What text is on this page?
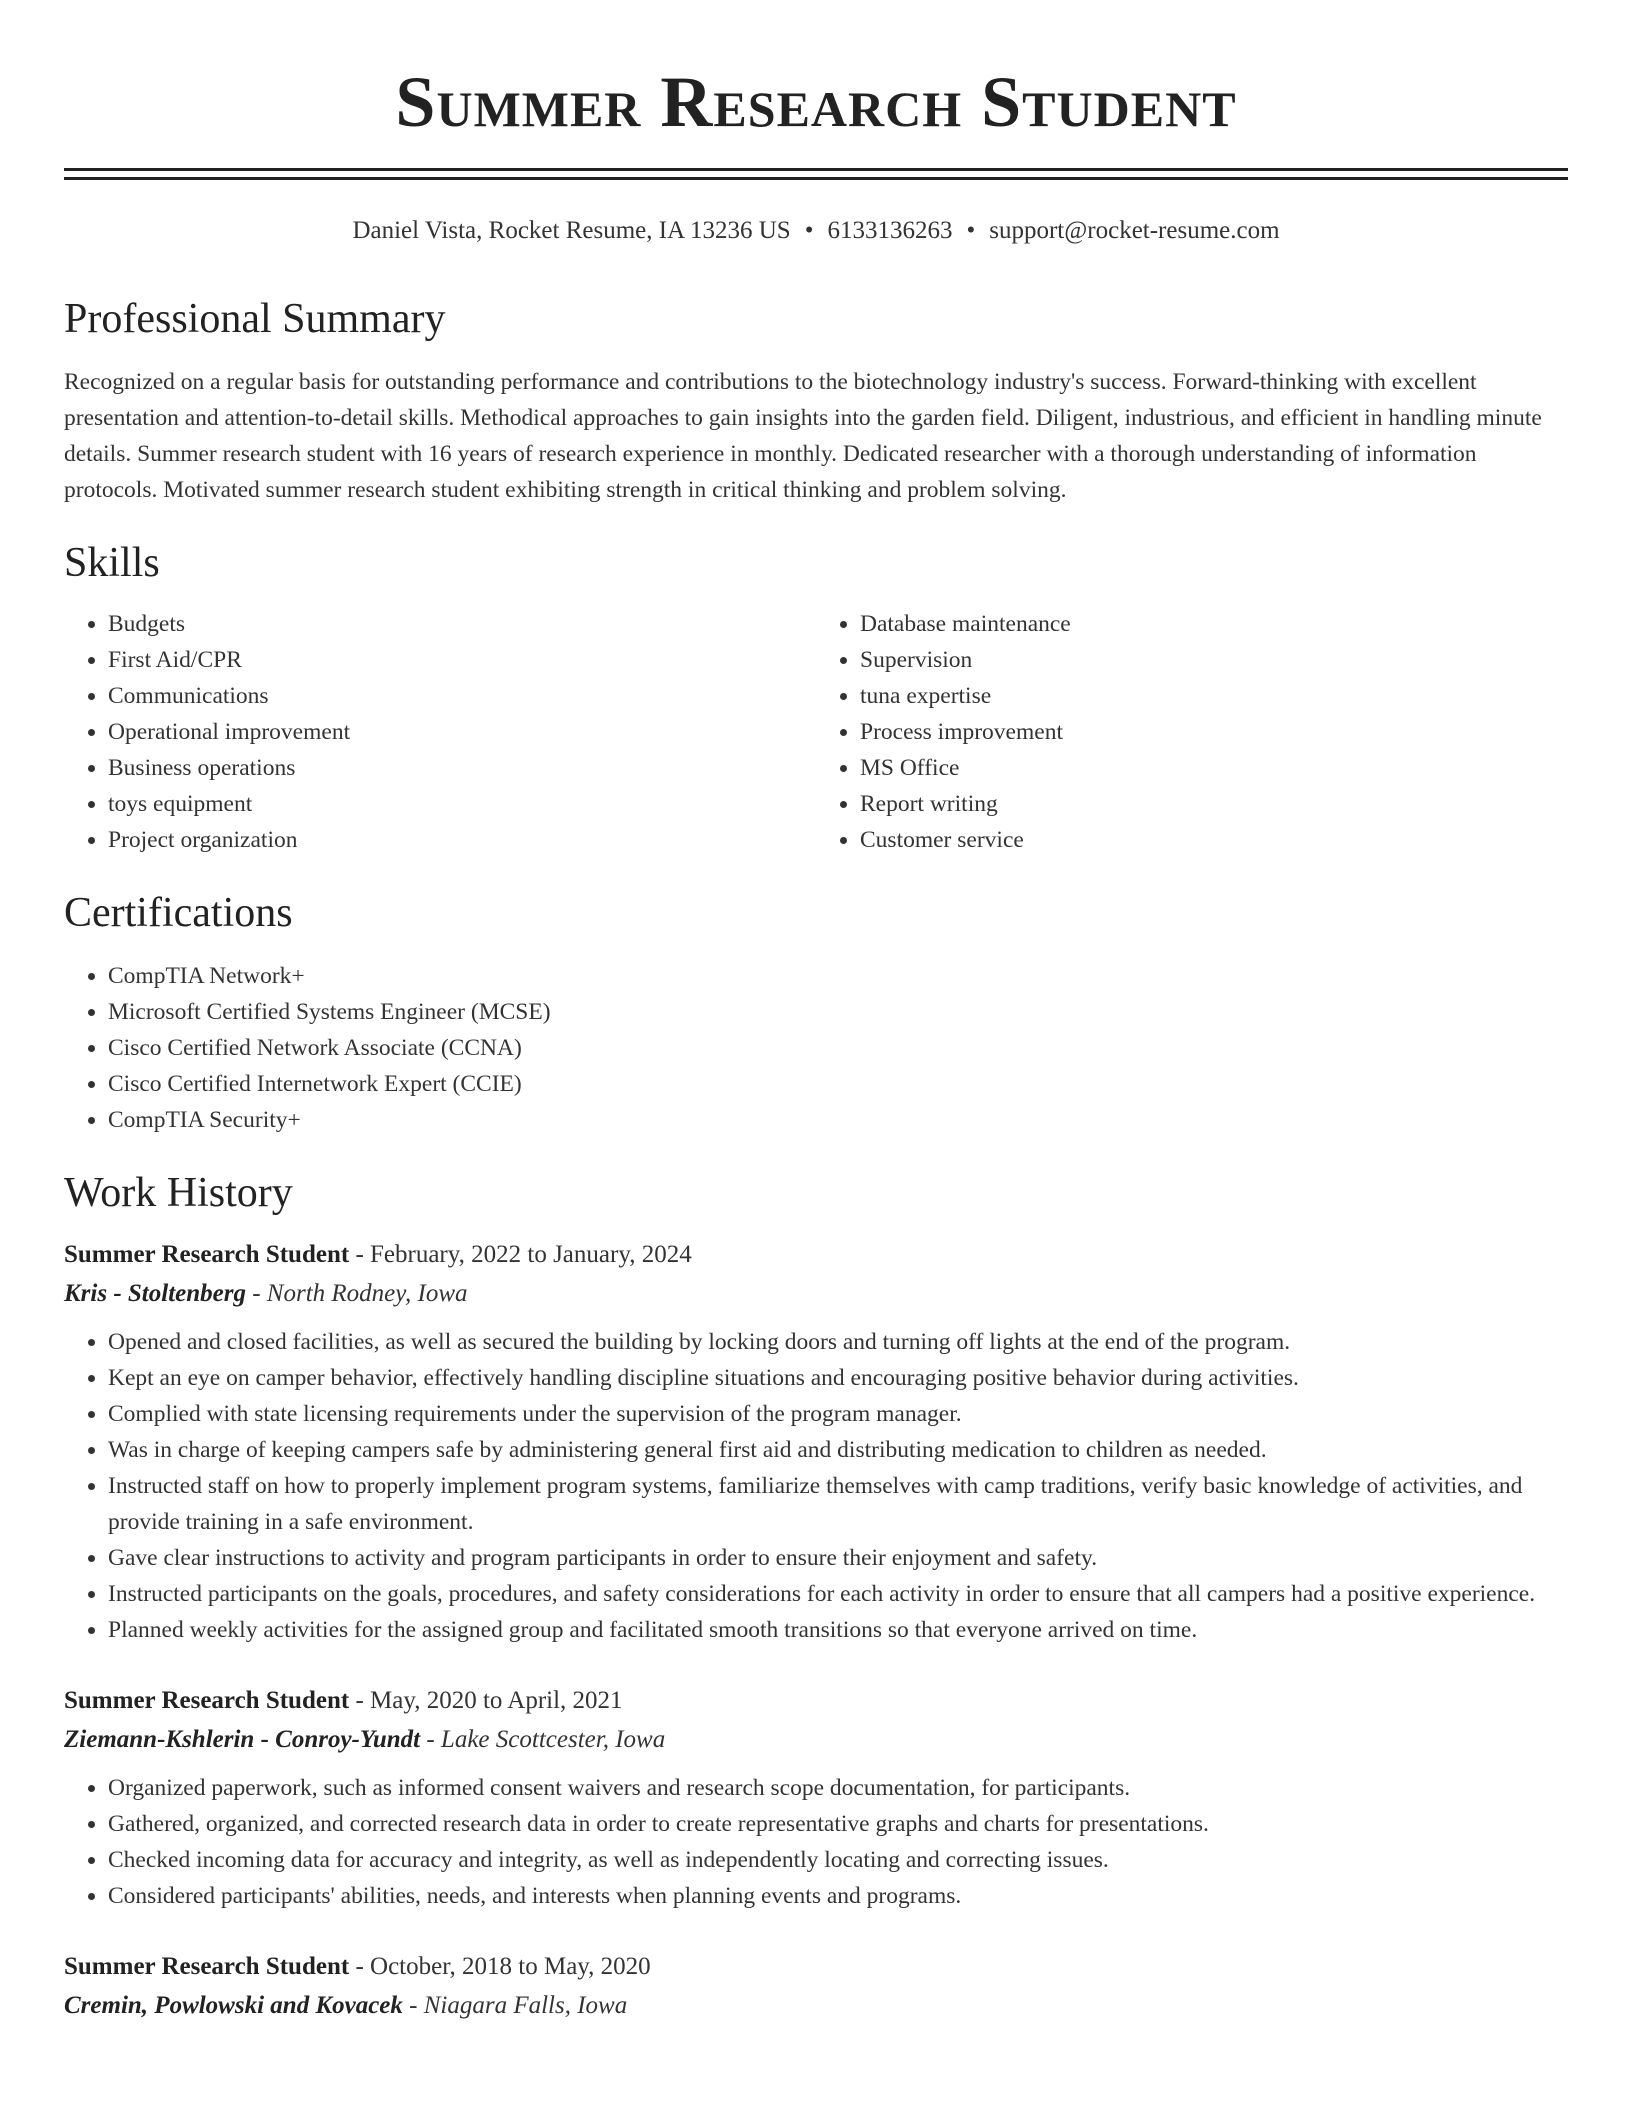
Summer Research Student
Daniel Vista, Rocket Resume, IA 13236 US • 6133136263 • support@rocket-resume.com
Professional Summary

Recognized on a regular basis for outstanding performance and contributions to the biotechnology industry's success. Forward-thinking with excellent presentation and attention-to-detail skills. Methodical approaches to gain insights into the garden field. Diligent, industrious, and efficient in handling minute details. Summer research student with 16 years of research experience in monthly. Dedicated researcher with a thorough understanding of information protocols. Motivated summer research student exhibiting strength in critical thinking and problem solving.

Skills
• Budgets
• First Aid/CPR
• Communications
• Operational improvement
• Business operations
• toys equipment
• Project organization
• Database maintenance
• Supervision
• tuna expertise
• Process improvement
• MS Office
• Report writing
• Customer service
Certifications
• CompTIA Network+
• Microsoft Certified Systems Engineer (MCSE)
• Cisco Certified Network Associate (CCNA)
• Cisco Certified Internetwork Expert (CCIE)
• CompTIA Security+
Work History
Summer Research Student - February, 2022 to January, 2024
Kris - Stoltenberg - North Rodney, Iowa
• Opened and closed facilities, as well as secured the building by locking doors and turning off lights at the end of the program.
• Kept an eye on camper behavior, effectively handling discipline situations and encouraging positive behavior during activities.
• Complied with state licensing requirements under the supervision of the program manager.
• Was in charge of keeping campers safe by administering general first aid and distributing medication to children as needed.
• Instructed staff on how to properly implement program systems, familiarize themselves with camp traditions, verify basic knowledge of activities, and provide training in a safe environment.
• Gave clear instructions to activity and program participants in order to ensure their enjoyment and safety.
• Instructed participants on the goals, procedures, and safety considerations for each activity in order to ensure that all campers had a positive experience.
• Planned weekly activities for the assigned group and facilitated smooth transitions so that everyone arrived on time.
Summer Research Student - May, 2020 to April, 2021
Ziemann-Kshlerin - Conroy-Yundt - Lake Scottcester, Iowa
• Organized paperwork, such as informed consent waivers and research scope documentation, for participants.
• Gathered, organized, and corrected research data in order to create representative graphs and charts for presentations.
• Checked incoming data for accuracy and integrity, as well as independently locating and correcting issues.
• Considered participants' abilities, needs, and interests when planning events and programs.
Summer Research Student - October, 2018 to May, 2020
Cremin, Powlowski and Kovacek - Niagara Falls, Iowa
